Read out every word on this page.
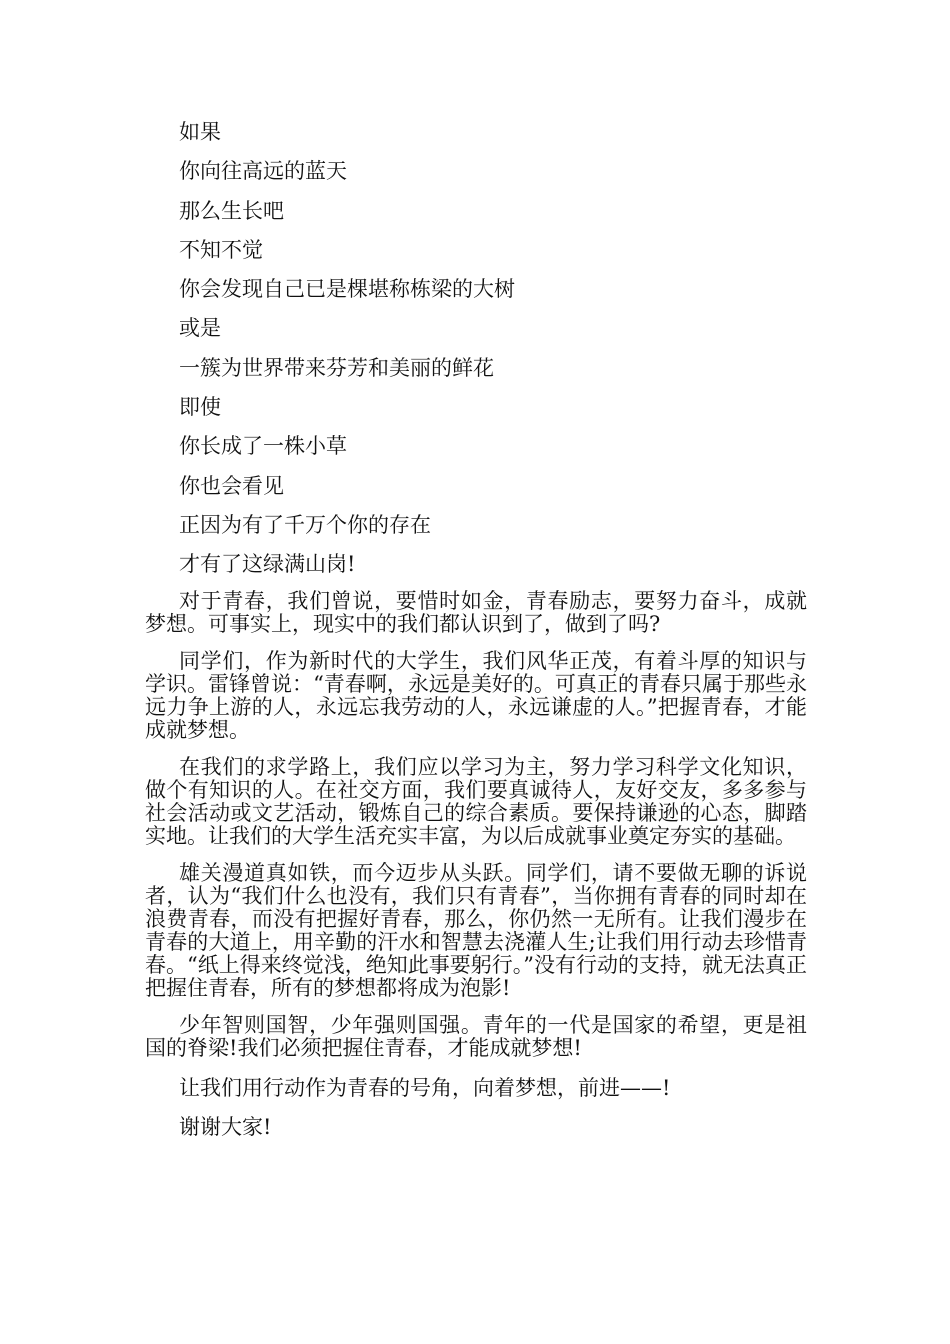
如果

你向往高远的蓝天

那么生长吧

不知不觉

你会发现自己已是棵堪称栋梁的大树

或是

一簇为世界带来芬芳和美丽的鲜花

即使

你长成了一株小草

你也会看见

正因为有了千万个你的存在

才有了这绿满山岗!

对于青春，我们曾说，要惜时如金，青春励志，要努力奋斗，成就梦想。可事实上，现实中的我们都认识到了，做到了吗?

同学们，作为新时代的大学生，我们风华正茂，有着斗厚的知识与学识。雷锋曾说：“青春啊，永远是美好的。可真正的青春只属于那些永远力争上游的人，永远忘我劳动的人，永远谦虚的人。”把握青春，才能成就梦想。

在我们的求学路上，我们应以学习为主，努力学习科学文化知识，做个有知识的人。在社交方面，我们要真诚待人，友好交友，多多参与社会活动或文艺活动，锻炼自己的综合素质。要保持谦逊的心态，脚踏实地。让我们的大学生活充实丰富，为以后成就事业奠定夯实的基础。

雄关漫道真如铁，而今迈步从头跃。同学们，请不要做无聊的诉说者，认为“我们什么也没有，我们只有青春”，当你拥有青春的同时却在浪费青春，而没有把握好青春，那么，你仍然一无所有。让我们漫步在青春的大道上，用辛勤的汗水和智慧去浇灌人生;让我们用行动去珍惜青春。“纸上得来终觉浅，绝知此事要躬行。”没有行动的支持，就无法真正把握住青春，所有的梦想都将成为泡影!

少年智则国智，少年强则国强。青年的一代是国家的希望，更是祖国的脊梁!我们必须把握住青春，才能成就梦想!

让我们用行动作为青春的号角，向着梦想，前进——!

谢谢大家!
